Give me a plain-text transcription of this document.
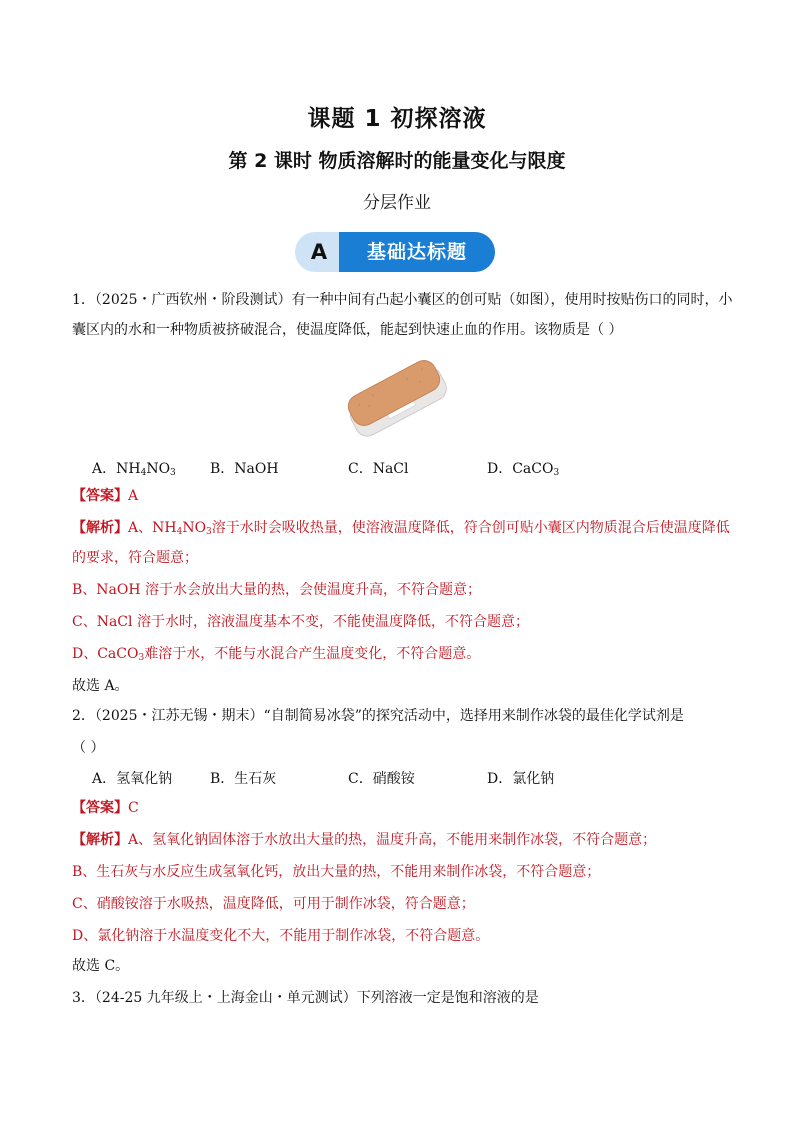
课题 1 初探溶液
第 2 课时 物质溶解时的能量变化与限度
分层作业
基础达标题
A
1．（2025・广西钦州・阶段测试）有一种中间有凸起小囊区的创可贴（如图），使用时按贴伤口的同时，小
囊区内的水和一种物质被挤破混合，使温度降低，能起到快速止血的作用。该物质是（ ）
A．$NH_4NO_3$ B．NaOH	C．NaCl	D．CaCO$_3$
【答案】A
【解析】A、$NH_4NO_3$溶于水时会吸收热量，使溶液温度降低，符合创可贴小囊区内物质混合后使温度降低
的要求，符合题意；
B、NaOH 溶于水会放出大量的热，会使温度升高，不符合题意；
C、NaCl 溶于水时，溶液温度基本不变，不能使温度降低，不符合题意；
D、CaCO$_3$难溶于水，不能与水混合产生温度变化，不符合题意。
故选 A。
2．（2025・江苏无锡・期末）“自制简易冰袋”的探究活动中，选择用来制作冰袋的最佳化学试剂是
（ ）
A．氢氧化钠	B．生石灰	C．硝酸铵	D．氯化钠
【答案】C
【解析】A、氢氧化钠固体溶于水放出大量的热，温度升高，不能用来制作冰袋，不符合题意；
B、生石灰与水反应生成氢氧化钙，放出大量的热，不能用来制作冰袋，不符合题意；
C、硝酸铵溶于水吸热，温度降低，可用于制作冰袋，符合题意；
D、氯化钠溶于水温度变化不大，不能用于制作冰袋，不符合题意。
故选 C。
3．（24-25 九年级上・上海金山・单元测试）下列溶液一定是饱和溶液的是
